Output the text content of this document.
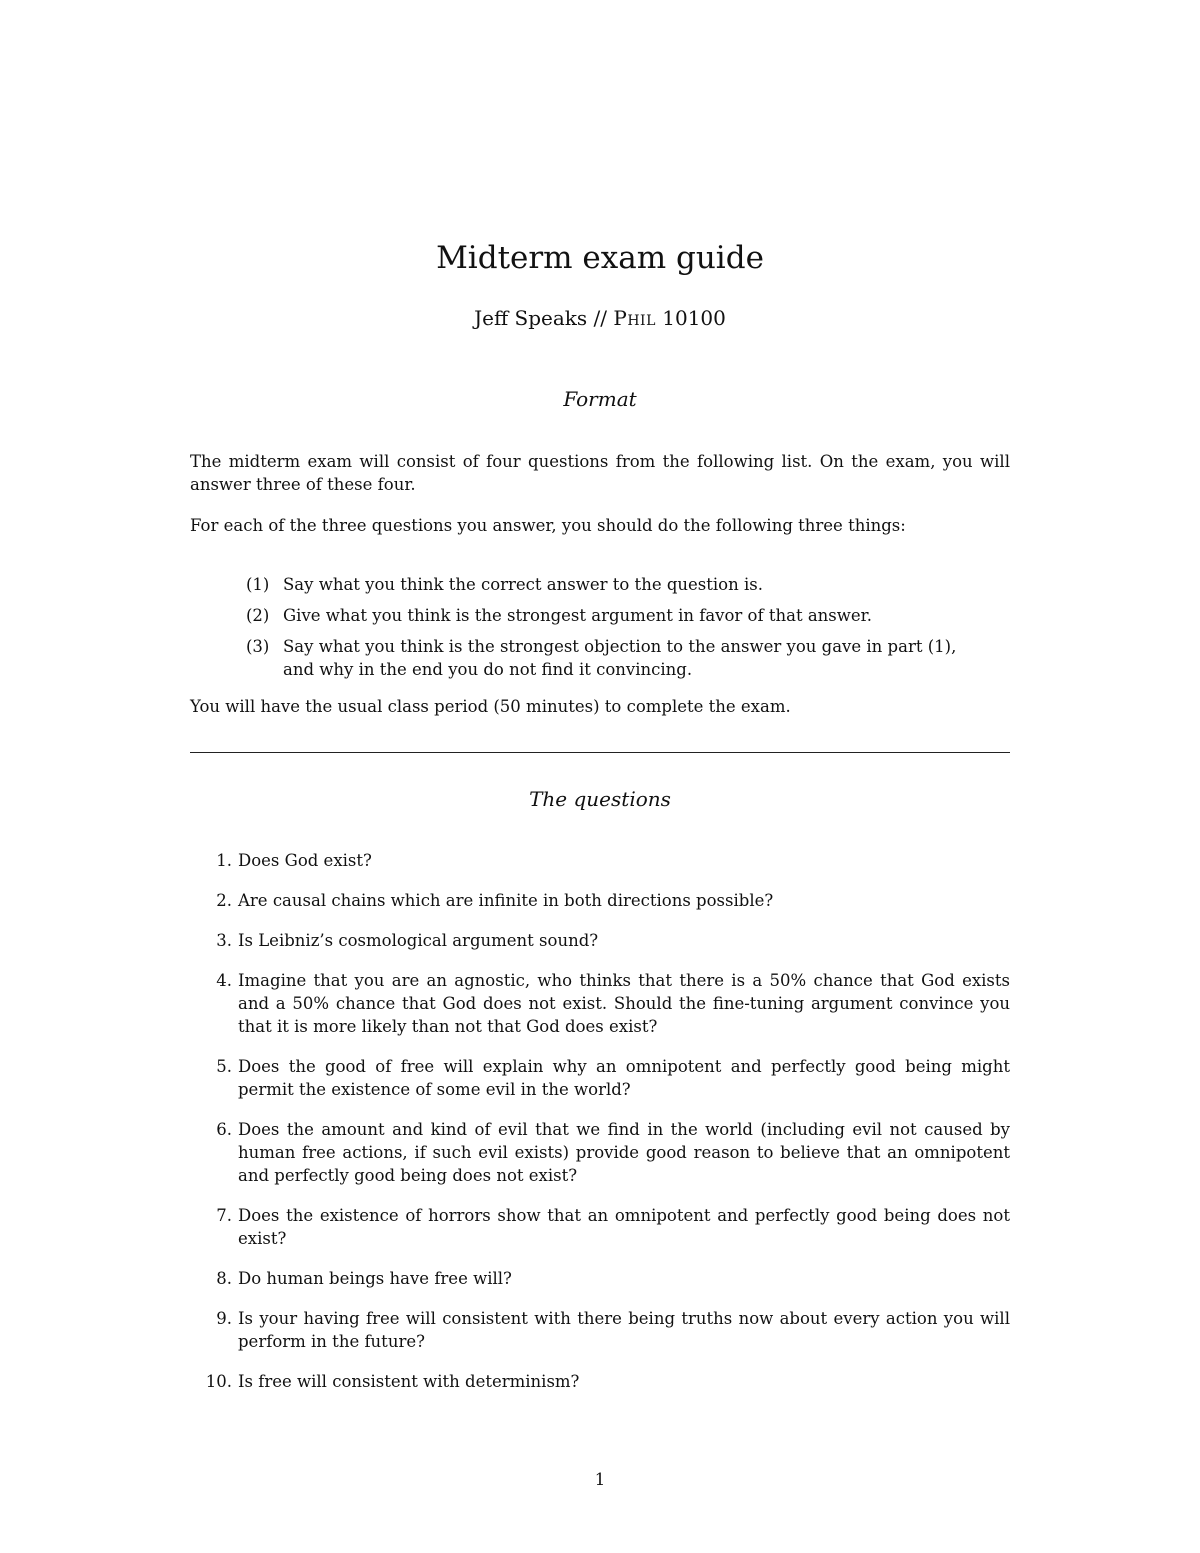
Midterm exam guide
Jeff Speaks // Phil 10100
Format

The midterm exam will consist of four questions from the following list. On the exam, you will answer three of these four.

For each of the three questions you answer, you should do the following three things:

(1) Say what you think the correct answer to the question is.
(2) Give what you think is the strongest argument in favor of that answer.
(3) Say what you think is the strongest objection to the answer you gave in part (1), and why in the end you do not find it convincing.

You will have the usual class period (50 minutes) to complete the exam.

The questions
1. Does God exist?
2. Are causal chains which are infinite in both directions possible?
3. Is Leibniz’s cosmological argument sound?
4. Imagine that you are an agnostic, who thinks that there is a 50% chance that God exists and a 50% chance that God does not exist. Should the fine-tuning argument convince you that it is more likely than not that God does exist?
5. Does the good of free will explain why an omnipotent and perfectly good being might permit the existence of some evil in the world?
6. Does the amount and kind of evil that we find in the world (including evil not caused by human free actions, if such evil exists) provide good reason to believe that an omnipotent and perfectly good being does not exist?
7. Does the existence of horrors show that an omnipotent and perfectly good being does not exist?
8. Do human beings have free will?
9. Is your having free will consistent with there being truths now about every action you will perform in the future?
10. Is free will consistent with determinism?
1
